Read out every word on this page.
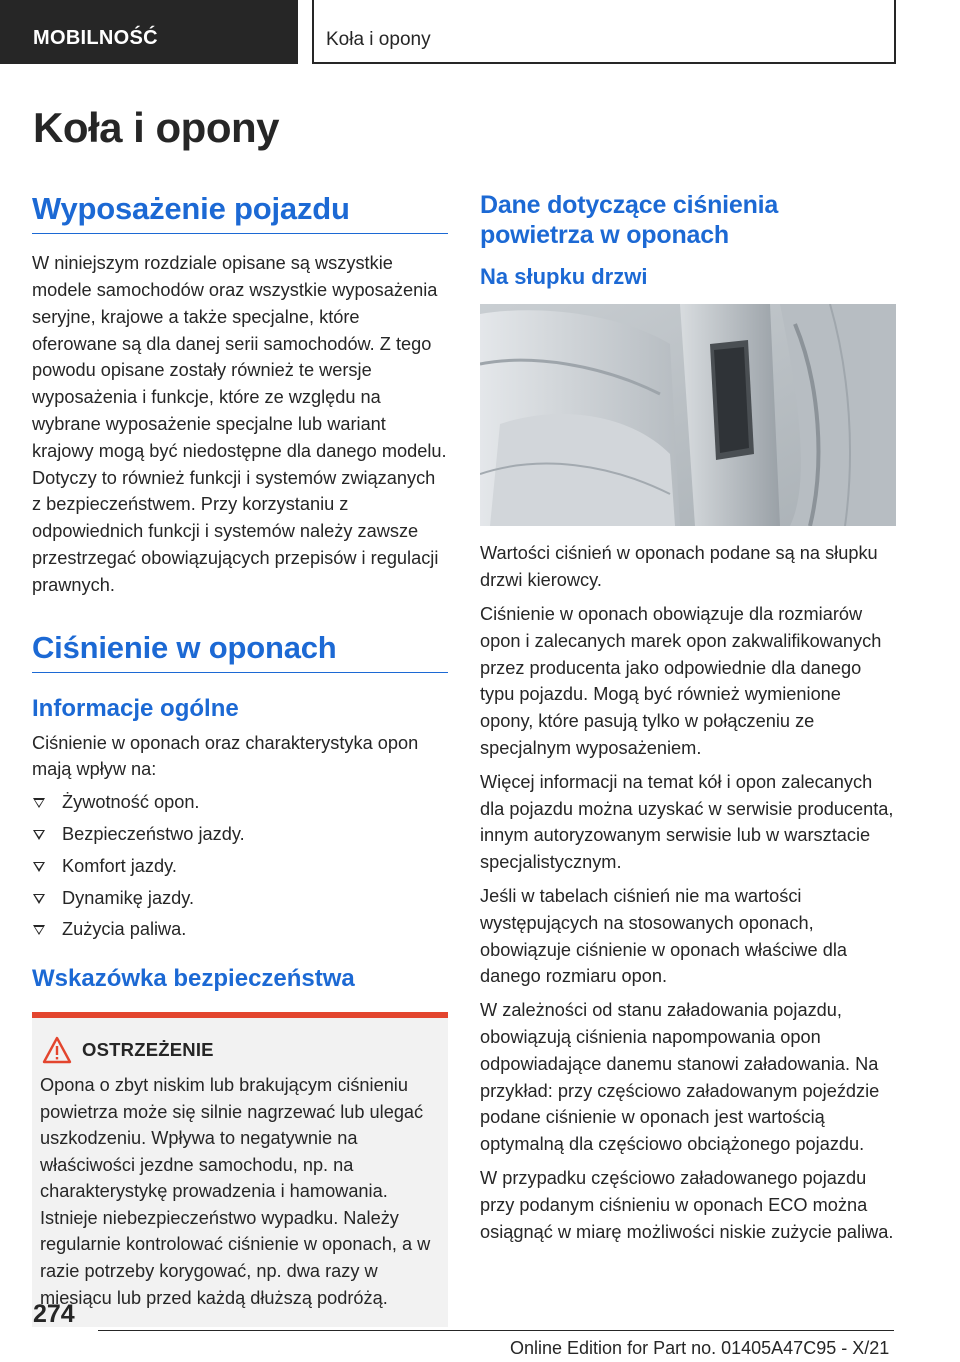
MOBILNOŚĆ	Koła i opony
Koła i opony
Wyposażenie pojazdu

W niniejszym rozdziale opisane są wszystkie modele samochodów oraz wszystkie wyposażenia seryjne, krajowe a także specjalne, które oferowane są dla danej serii samochodów. Z tego powodu opisane zostały również te wersje wyposażenia i funkcje, które ze względu na wybrane wyposażenie specjalne lub wariant krajowy mogą być niedostępne dla danego modelu. Dotyczy to również funkcji i systemów związanych z bezpieczeństwem. Przy korzystaniu z odpowiednich funkcji i systemów należy zawsze przestrzegać obowiązujących przepisów i regulacji prawnych.

Ciśnienie w oponach
Informacje ogólne

Ciśnienie w oponach oraz charakterystyka opon mają wpływ na:

Żywotność opon.
Bezpieczeństwo jazdy.
Komfort jazdy.
Dynamikę jazdy.
Zużycia paliwa.
Wskazówka bezpieczeństwa
OSTRZEŻENIE

Opona o zbyt niskim lub brakującym ciśnieniu powietrza może się silnie nagrzewać lub ulegać uszkodzeniu. Wpływa to negatywnie na właściwości jezdne samochodu, np. na charakterystykę prowadzenia i hamowania. Istnieje niebezpieczeństwo wypadku. Należy regularnie kontrolować ciśnienie w oponach, a w razie potrzeby korygować, np. dwa razy w miesiącu lub przed każdą dłuższą podróżą.

Dane dotyczące ciśnienia powietrza w oponach
Na słupku drzwi

Wartości ciśnień w oponach podane są na słupku drzwi kierowcy.

Ciśnienie w oponach obowiązuje dla rozmiarów opon i zalecanych marek opon zakwalifikowanych przez producenta jako odpowiednie dla danego typu pojazdu. Mogą być również wymienione opony, które pasują tylko w połączeniu ze specjalnym wyposażeniem.

Więcej informacji na temat kół i opon zalecanych dla pojazdu można uzyskać w serwisie producenta, innym autoryzowanym serwisie lub w warsztacie specjalistycznym.

Jeśli w tabelach ciśnień nie ma wartości występujących na stosowanych oponach, obowiązuje ciśnienie w oponach właściwe dla danego rozmiaru opon.

W zależności od stanu załadowania pojazdu, obowiązują ciśnienia napompowania opon odpowiadające danemu stanowi załadowania. Na przykład: przy częściowo załadowanym pojeździe podane ciśnienie w oponach jest wartością optymalną dla częściowo obciążonego pojazdu.

W przypadku częściowo załadowanego pojazdu przy podanym ciśnieniu w oponach ECO można osiągnąć w miarę możliwości niskie zużycie paliwa.

274
Online Edition for Part no. 01405A47C95 - X/21
